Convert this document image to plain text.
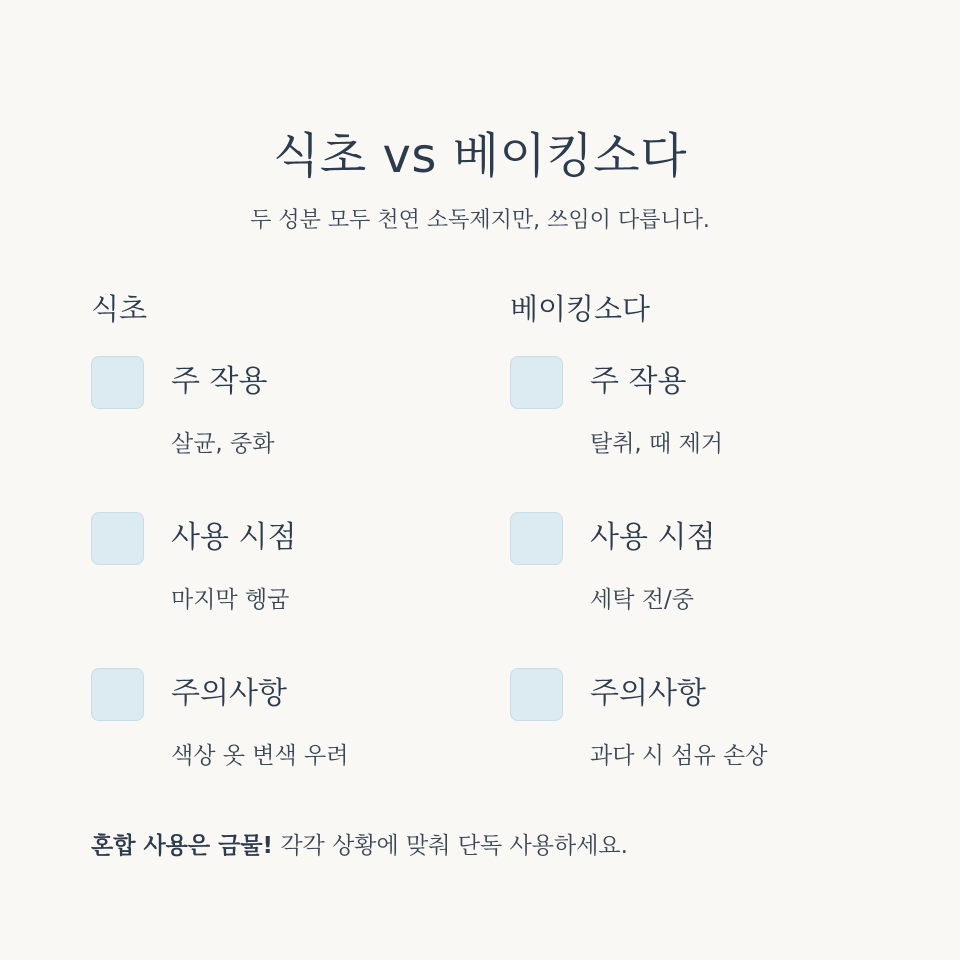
식초 vs 베이킹소다
두 성분 모두 천연 소독제지만, 쓰임이 다릅니다.
식초
주 작용
살균, 중화
사용 시점
마지막 헹굼
주의사항
색상 옷 변색 우려
베이킹소다
주 작용
탈취, 때 제거
사용 시점
세탁 전/중
주의사항
과다 시 섬유 손상
혼합 사용은 금물! 각각 상황에 맞춰 단독 사용하세요.
